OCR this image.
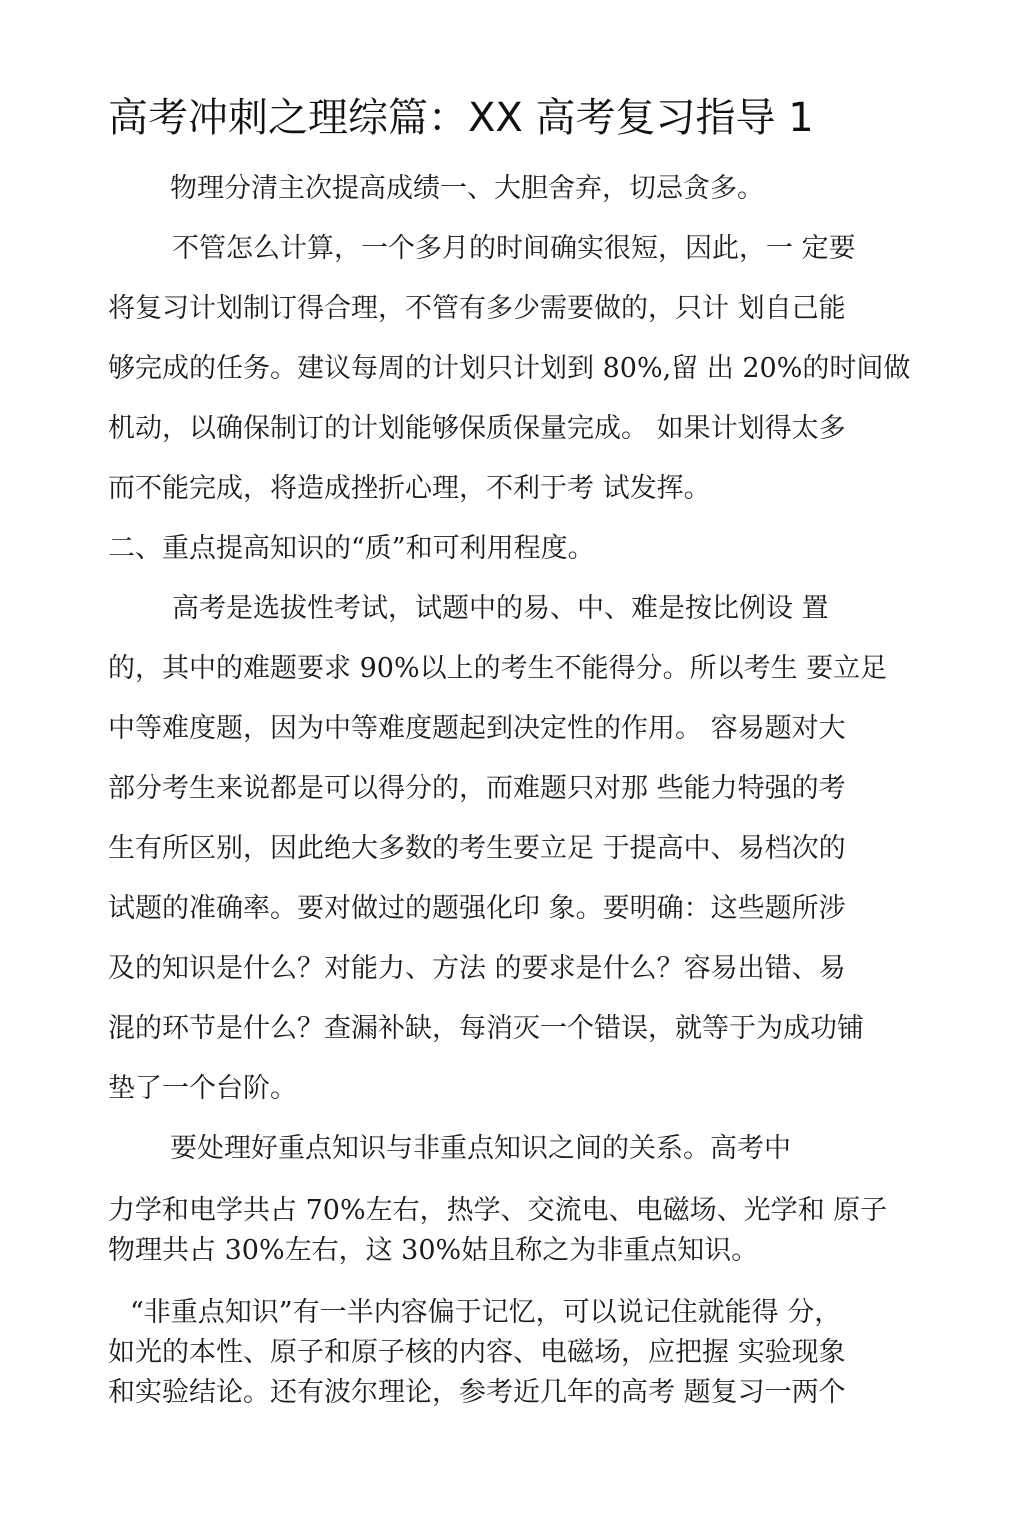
高考冲刺之理综篇：XX 高考复习指导 1

物理分清主次提高成绩一、大胆舍弃，切忌贪多。

不管怎么计算，一个多月的时间确实很短，因此，一 定要

将复习计划制订得合理，不管有多少需要做的，只计 划自己能

够完成的任务。建议每周的计划只计划到 80%,留 出 20%的时间做

机动，以确保制订的计划能够保质保量完成。 如果计划得太多

而不能完成，将造成挫折心理，不利于考 试发挥。

二、重点提高知识的“质”和可利用程度。

高考是选拔性考试，试题中的易、中、难是按比例设 置

的，其中的难题要求 90%以上的考生不能得分。所以考生 要立足

中等难度题，因为中等难度题起到决定性的作用。 容易题对大

部分考生来说都是可以得分的，而难题只对那 些能力特强的考

生有所区别，因此绝大多数的考生要立足 于提高中、易档次的

试题的准确率。要对做过的题强化印 象。要明确：这些题所涉

及的知识是什么？对能力、方法 的要求是什么？容易出错、易

混的环节是什么？查漏补缺，每消灭一个错误，就等于为成功铺

垫了一个台阶。

要处理好重点知识与非重点知识之间的关系。高考中

力学和电学共占 70%左右，热学、交流电、电磁场、光学和 原子

物理共占 30%左右，这 30%姑且称之为非重点知识。

“非重点知识”有一半内容偏于记忆，可以说记住就能得 分，

如光的本性、原子和原子核的内容、电磁场，应把握 实验现象

和实验结论。还有波尔理论，参考近几年的高考 题复习一两个
